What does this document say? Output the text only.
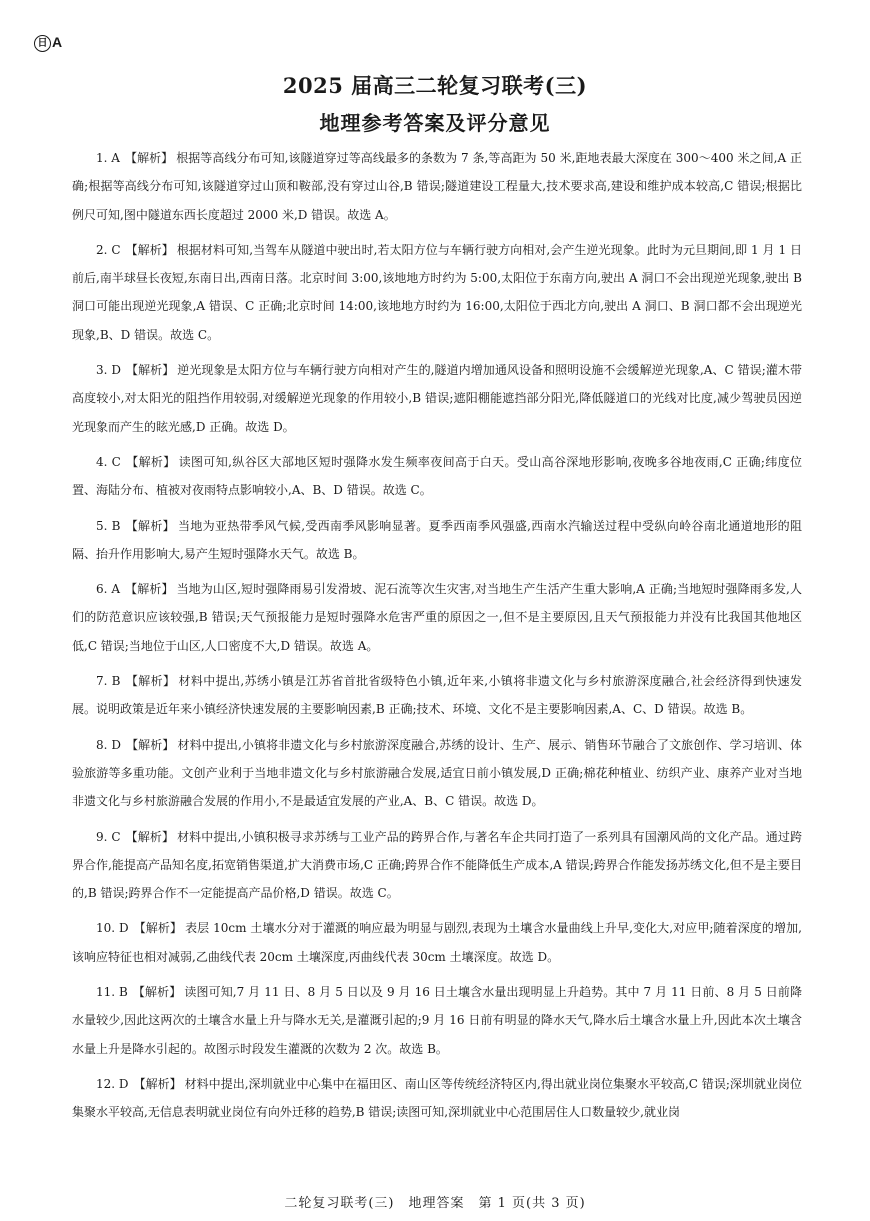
日 A
2025 届高三二轮复习联考(三)
地理参考答案及评分意见

1. A 【解析】 根据等高线分布可知,该隧道穿过等高线最多的条数为 7 条,等高距为 50 米,距地表最大深度在 300～400 米之间,A 正确;根据等高线分布可知,该隧道穿过山顶和鞍部,没有穿过山谷,B 错误;隧道建设工程量大,技术要求高,建设和维护成本较高,C 错误;根据比例尺可知,图中隧道东西长度超过 2000 米,D 错误。故选 A。

2. C 【解析】 根据材料可知,当驾车从隧道中驶出时,若太阳方位与车辆行驶方向相对,会产生逆光现象。此时为元旦期间,即 1 月 1 日前后,南半球昼长夜短,东南日出,西南日落。北京时间 3:00,该地地方时约为 5:00,太阳位于东南方向,驶出 A 洞口不会出现逆光现象,驶出 B 洞口可能出现逆光现象,A 错误、C 正确;北京时间 14:00,该地地方时约为 16:00,太阳位于西北方向,驶出 A 洞口、B 洞口都不会出现逆光现象,B、D 错误。故选 C。

3. D 【解析】 逆光现象是太阳方位与车辆行驶方向相对产生的,隧道内增加通风设备和照明设施不会缓解逆光现象,A、C 错误;灌木带高度较小,对太阳光的阻挡作用较弱,对缓解逆光现象的作用较小,B 错误;遮阳棚能遮挡部分阳光,降低隧道口的光线对比度,减少驾驶员因逆光现象而产生的眩光感,D 正确。故选 D。

4. C 【解析】 读图可知,纵谷区大部地区短时强降水发生频率夜间高于白天。受山高谷深地形影响,夜晚多谷地夜雨,C 正确;纬度位置、海陆分布、植被对夜雨特点影响较小,A、B、D 错误。故选 C。

5. B 【解析】 当地为亚热带季风气候,受西南季风影响显著。夏季西南季风强盛,西南水汽输送过程中受纵向岭谷南北通道地形的阻隔、抬升作用影响大,易产生短时强降水天气。故选 B。

6. A 【解析】 当地为山区,短时强降雨易引发滑坡、泥石流等次生灾害,对当地生产生活产生重大影响,A 正确;当地短时强降雨多发,人们的防范意识应该较强,B 错误;天气预报能力是短时强降水危害严重的原因之一,但不是主要原因,且天气预报能力并没有比我国其他地区低,C 错误;当地位于山区,人口密度不大,D 错误。故选 A。

7. B 【解析】 材料中提出,苏绣小镇是江苏省首批省级特色小镇,近年来,小镇将非遗文化与乡村旅游深度融合,社会经济得到快速发展。说明政策是近年来小镇经济快速发展的主要影响因素,B 正确;技术、环境、文化不是主要影响因素,A、C、D 错误。故选 B。

8. D 【解析】 材料中提出,小镇将非遗文化与乡村旅游深度融合,苏绣的设计、生产、展示、销售环节融合了文旅创作、学习培训、体验旅游等多重功能。文创产业利于当地非遗文化与乡村旅游融合发展,适宜日前小镇发展,D 正确;棉花种植业、纺织产业、康养产业对当地非遗文化与乡村旅游融合发展的作用小,不是最适宜发展的产业,A、B、C 错误。故选 D。

9. C 【解析】 材料中提出,小镇积极寻求苏绣与工业产品的跨界合作,与著名车企共同打造了一系列具有国潮风尚的文化产品。通过跨界合作,能提高产品知名度,拓宽销售渠道,扩大消费市场,C 正确;跨界合作不能降低生产成本,A 错误;跨界合作能发扬苏绣文化,但不是主要目的,B 错误;跨界合作不一定能提高产品价格,D 错误。故选 C。

10. D 【解析】 表层 10cm 土壤水分对于灌溉的响应最为明显与剧烈,表现为土壤含水量曲线上升早,变化大,对应甲;随着深度的增加,该响应特征也相对减弱,乙曲线代表 20cm 土壤深度,丙曲线代表 30cm 土壤深度。故选 D。

11. B 【解析】 读图可知,7 月 11 日、8 月 5 日以及 9 月 16 日土壤含水量出现明显上升趋势。其中 7 月 11 日前、8 月 5 日前降水量较少,因此这两次的土壤含水量上升与降水无关,是灌溉引起的;9 月 16 日前有明显的降水天气,降水后土壤含水量上升,因此本次土壤含水量上升是降水引起的。故图示时段发生灌溉的次数为 2 次。故选 B。

12. D 【解析】 材料中提出,深圳就业中心集中在福田区、南山区等传统经济特区内,得出就业岗位集聚水平较高,C 错误;深圳就业岗位集聚水平较高,无信息表明就业岗位有向外迁移的趋势,B 错误;读图可知,深圳就业中心范围居住人口数量较少,就业岗

二轮复习联考(三)　地理答案　第 1 页(共 3 页)
